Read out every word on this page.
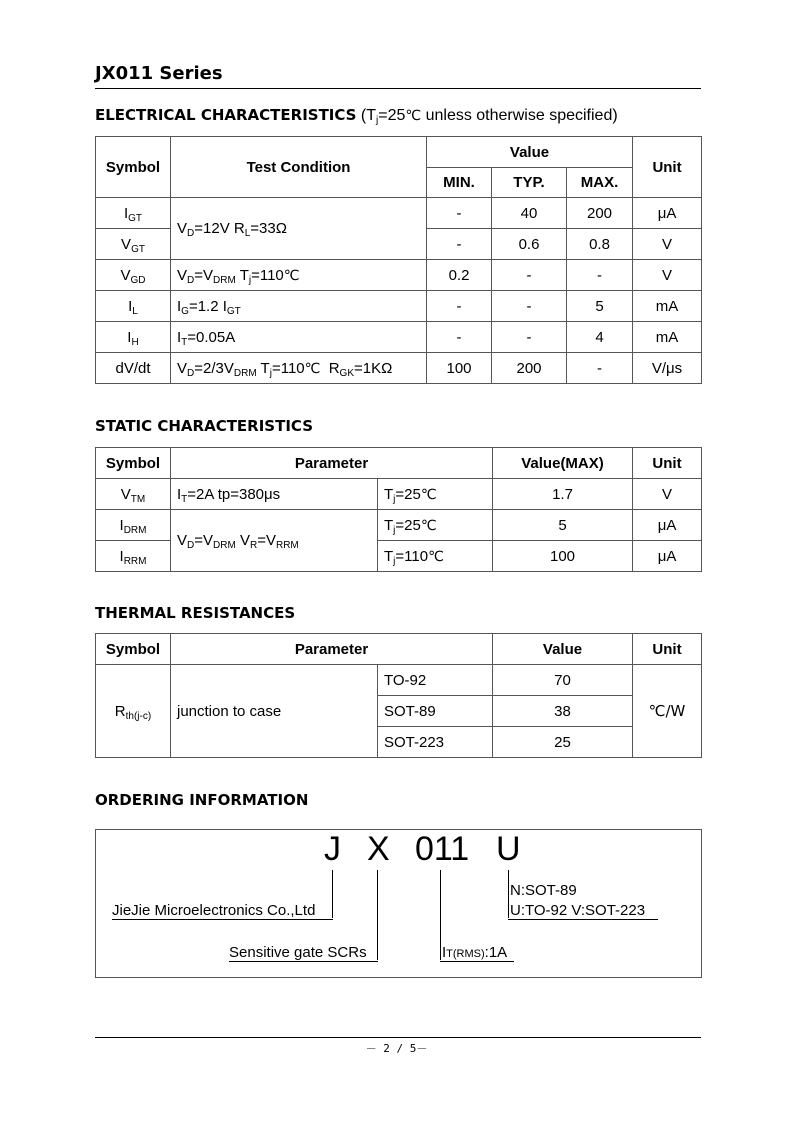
JX011 Series
ELECTRICAL CHARACTERISTICS ($T_j=25℃$ unless otherwise specified)
Symbol	Test Condition	Value			Unit
		MIN.	TYP.	MAX.	
$I_{GT}$	$V_D=12V$ $R_L=33\Omega$	-	40	200	μA
$V_{GT}$		-	0.6	0.8	V
$V_{GD}$	$V_D=V_{DRM}$ $T_j=110℃$	0.2	-	-	V
$I_L$	$I_G=1.2$ $I_{GT}$	-	-	5	mA
$I_H$	$I_T=0.05A$	-	-	4	mA
dV/dt	$V_D=2/3V_{DRM}$ $T_j=110℃$  $R_{GK}=1K\Omega$	100	200	-	V/μs
STATIC CHARACTERISTICS
Symbol	Parameter		Value(MAX)	Unit
$V_{TM}$	$I_T=2A$ tp=380μs	$T_j=25℃$	1.7	V
$I_{DRM}$	$V_D=V_{DRM}$ $V_R=V_{RRM}$	$T_j=25℃$	5	μA
$I_{RRM}$		$T_j=110℃$	100	μA
THERMAL RESISTANCES
Symbol	Parameter		Value	Unit
$R_{th(j-c)}$	junction to case	TO-92	70	℃/W
		SOT-89	38	
		SOT-223	25	
ORDERING INFORMATION
J X 011 U
JieJie Microelectronics Co.,Ltd
Sensitive gate SCRs	IT(RMS):1A
N:SOT-89
U:TO-92 V:SOT-223
－ 2 / 5－
